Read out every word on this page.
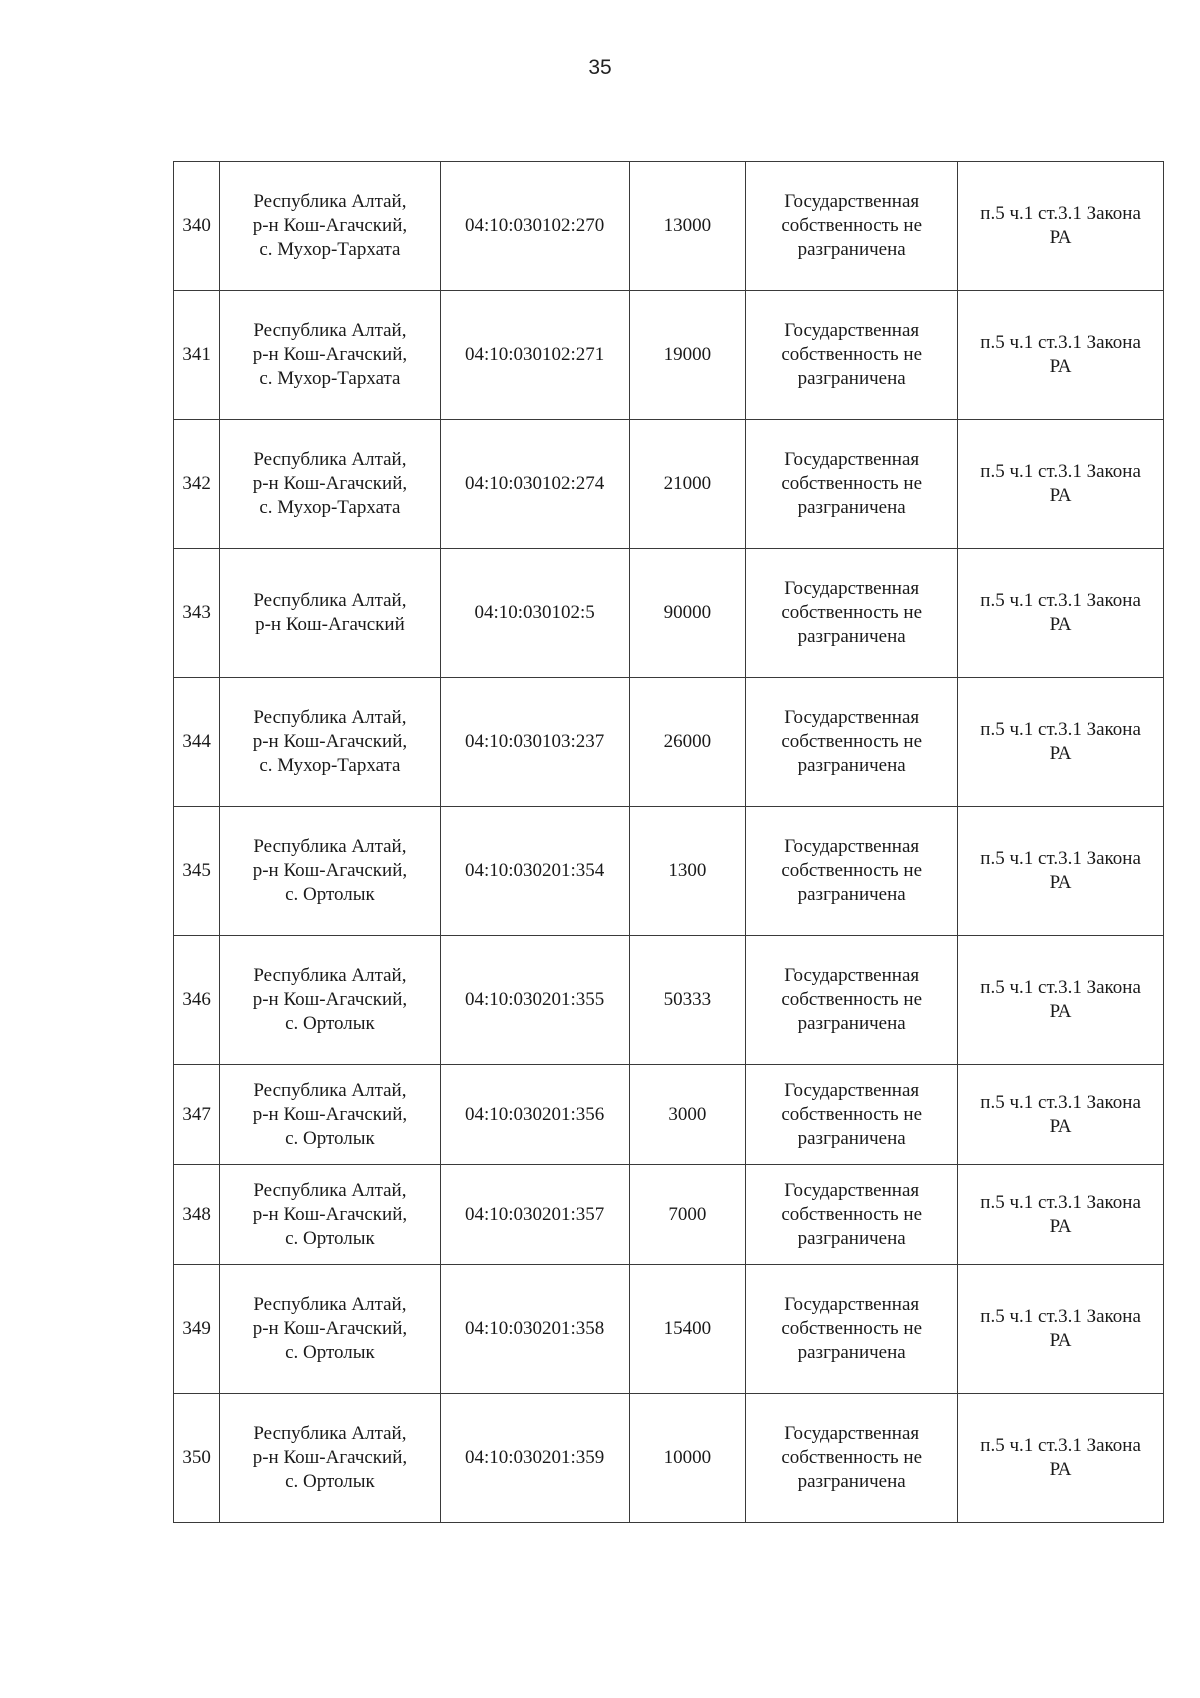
35
340	Республика Алтай,
р-н Кош-Агачский,
с. Мухор-Тархата	04:10:030102:270	13000	Государственная
собственность не
разграничена	п.5 ч.1 ст.3.1 Закона
РА

341	Республика Алтай,
р-н Кош-Агачский,
с. Мухор-Тархата	04:10:030102:271	19000	Государственная
собственность не
разграничена	п.5 ч.1 ст.3.1 Закона
РА

342	Республика Алтай,
р-н Кош-Агачский,
с. Мухор-Тархата	04:10:030102:274	21000	Государственная
собственность не
разграничена	п.5 ч.1 ст.3.1 Закона
РА

343	Республика Алтай,
р-н Кош-Агачский	04:10:030102:5	90000	Государственная
собственность не
разграничена	п.5 ч.1 ст.3.1 Закона
РА

344	Республика Алтай,
р-н Кош-Агачский,
с. Мухор-Тархата	04:10:030103:237	26000	Государственная
собственность не
разграничена	п.5 ч.1 ст.3.1 Закона
РА

345	Республика Алтай,
р-н Кош-Агачский,
с. Ортолык	04:10:030201:354	1300	Государственная
собственность не
разграничена	п.5 ч.1 ст.3.1 Закона
РА

346	Республика Алтай,
р-н Кош-Агачский,
с. Ортолык	04:10:030201:355	50333	Государственная
собственность не
разграничена	п.5 ч.1 ст.3.1 Закона
РА

347	Республика Алтай,
р-н Кош-Агачский,
с. Ортолык	04:10:030201:356	3000	Государственная
собственность не
разграничена	п.5 ч.1 ст.3.1 Закона
РА

348	Республика Алтай,
р-н Кош-Агачский,
с. Ортолык	04:10:030201:357	7000	Государственная
собственность не
разграничена	п.5 ч.1 ст.3.1 Закона
РА

349	Республика Алтай,
р-н Кош-Агачский,
с. Ортолык	04:10:030201:358	15400	Государственная
собственность не
разграничена	п.5 ч.1 ст.3.1 Закона
РА

350	Республика Алтай,
р-н Кош-Агачский,
с. Ортолык	04:10:030201:359	10000	Государственная
собственность не
разграничена	п.5 ч.1 ст.3.1 Закона
РА
